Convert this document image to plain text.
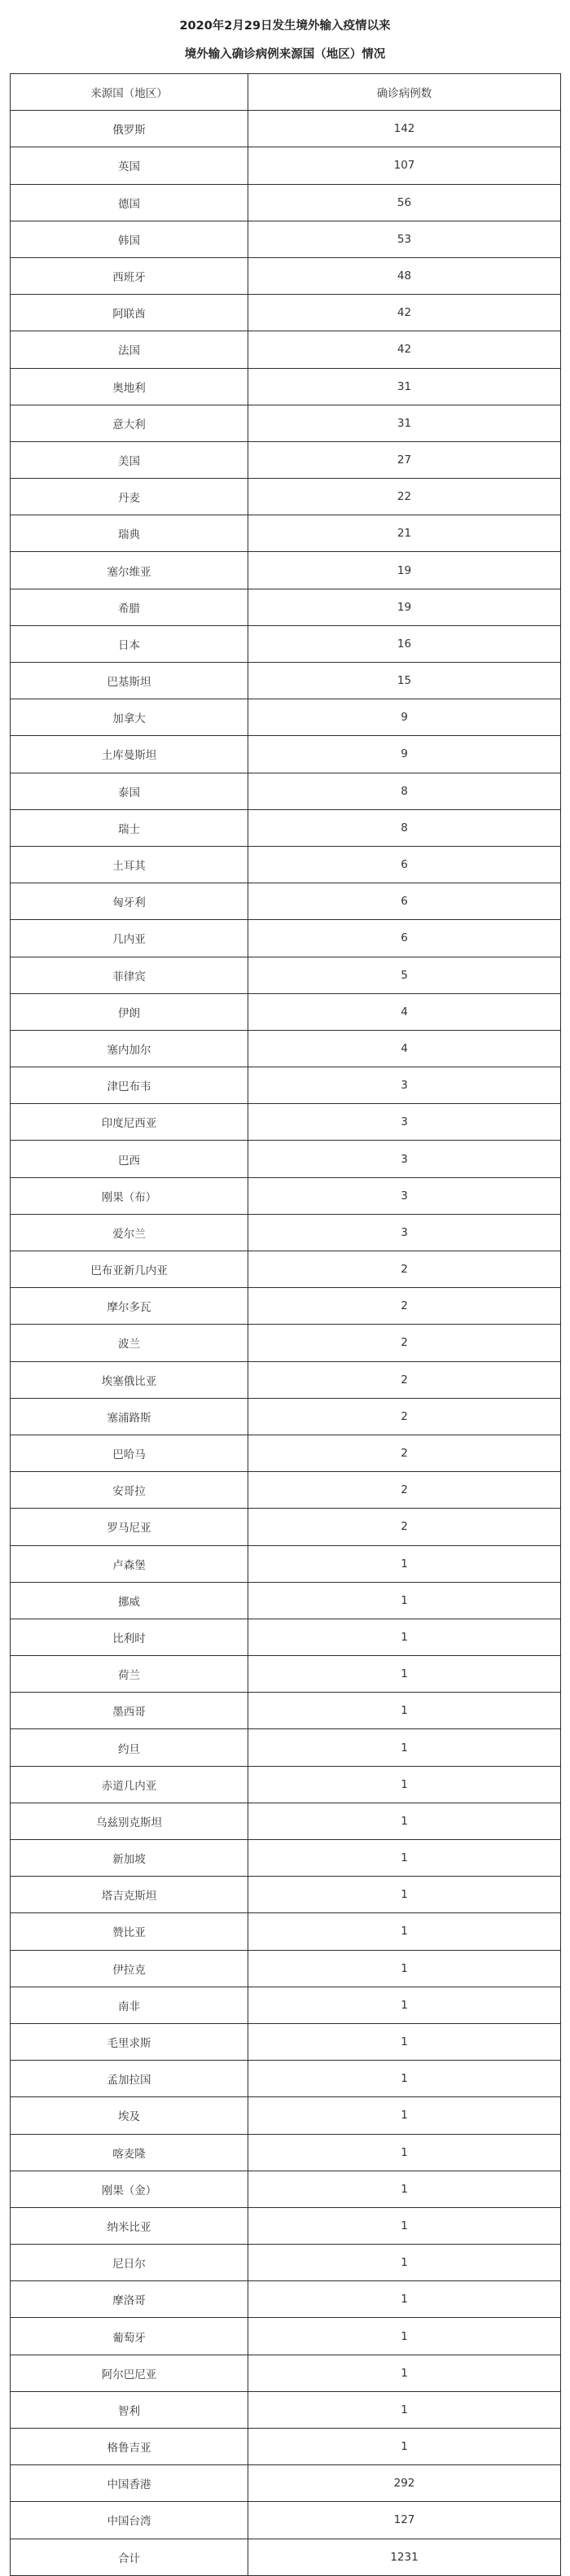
2020年2月29日发生境外输入疫情以来
境外输入确诊病例来源国（地区）情况
来源国（地区）	确诊病例数
俄罗斯	142
英国	107
德国	56
韩国	53
西班牙	48
阿联酋	42
法国	42
奥地利	31
意大利	31
美国	27
丹麦	22
瑞典	21
塞尔维亚	19
希腊	19
日本	16
巴基斯坦	15
加拿大	9
土库曼斯坦	9
泰国	8
瑞士	8
土耳其	6
匈牙利	6
几内亚	6
菲律宾	5
伊朗	4
塞内加尔	4
津巴布韦	3
印度尼西亚	3
巴西	3
刚果（布）	3
爱尔兰	3
巴布亚新几内亚	2
摩尔多瓦	2
波兰	2
埃塞俄比亚	2
塞浦路斯	2
巴哈马	2
安哥拉	2
罗马尼亚	2
卢森堡	1
挪威	1
比利时	1
荷兰	1
墨西哥	1
约旦	1
赤道几内亚	1
乌兹别克斯坦	1
新加坡	1
塔吉克斯坦	1
赞比亚	1
伊拉克	1
南非	1
毛里求斯	1
孟加拉国	1
埃及	1
喀麦隆	1
刚果（金）	1
纳米比亚	1
尼日尔	1
摩洛哥	1
葡萄牙	1
阿尔巴尼亚	1
智利	1
格鲁吉亚	1
中国香港	292
中国台湾	127
合计	1231
